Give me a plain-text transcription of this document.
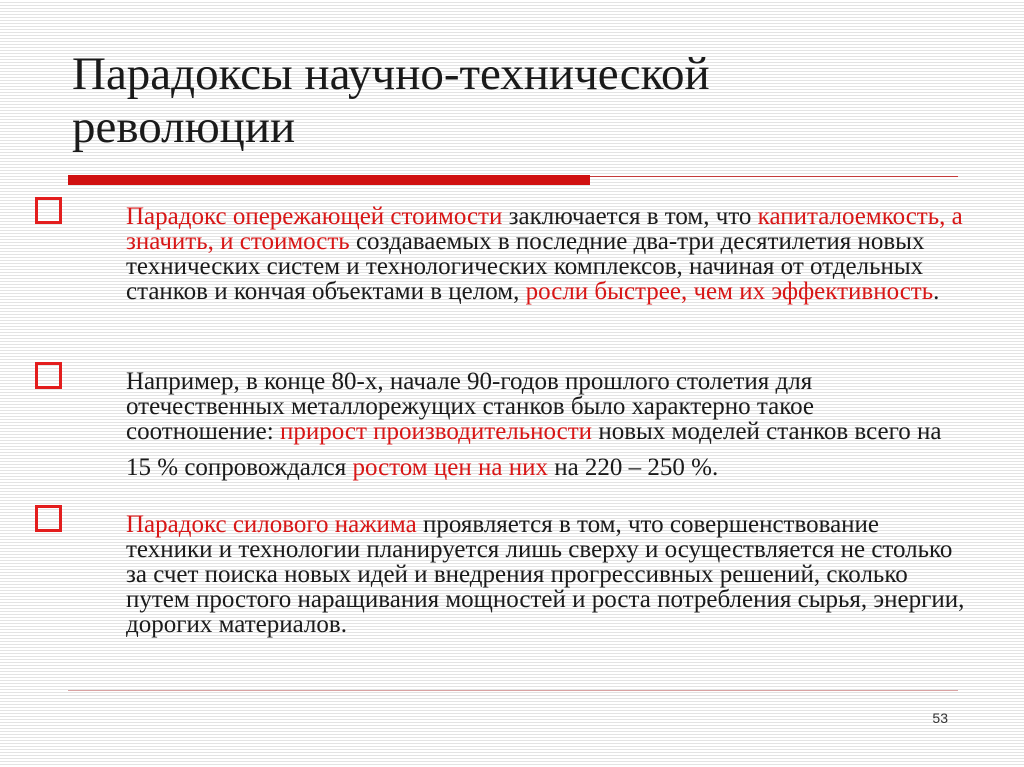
Парадоксы научно-технической
революции

Парадокс опережающей стоимости заключается в том, что капиталоемкость, а значить, и стоимость создаваемых в последние два-три десятилетия новых технических систем и технологических комплексов, начиная от отдельных станков и кончая объектами в целом, росли быстрее, чем их эффективность.

Например, в конце 80-х, начале 90-годов прошлого столетия для отечественных металлорежущих станков было характерно такое соотношение: прирост производительности новых моделей станков всего на
15 % сопровождался ростом цен на них на 220 – 250 %.

Парадокс силового нажима проявляется в том, что совершенствование техники и технологии планируется лишь сверху и осуществляется не столько за счет поиска новых идей и внедрения прогрессивных решений, сколько путем простого наращивания мощностей и роста потребления сырья, энергии, дорогих материалов.

53
